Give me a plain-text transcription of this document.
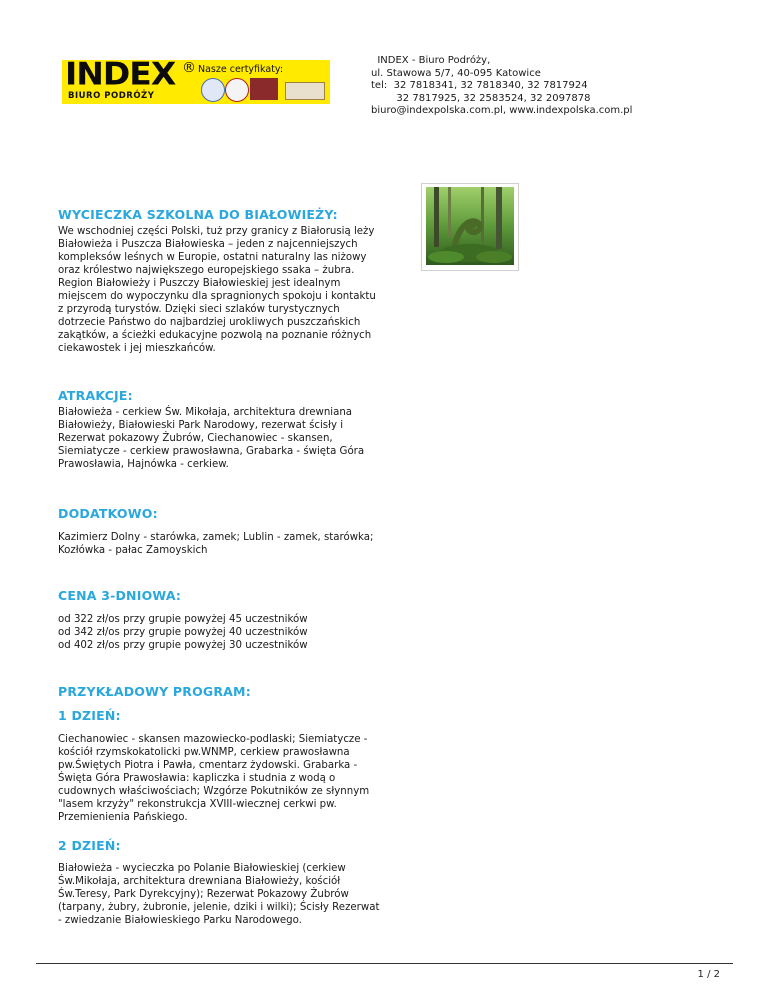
INDEX
BIURO PODRÓŻY
® Nasze certyfikaty:
INDEX - Biuro Podróży,
ul. Stawowa 5/7, 40-095 Katowice
tel:  32 7818341, 32 7818340, 32 7817924
32 7817925, 32 2583524, 32 2097878
biuro@indexpolska.com.pl, www.indexpolska.com.pl
WYCIECZKA SZKOLNA DO BIAŁOWIEŻY:
We wschodniej części Polski, tuż przy granicy z Białorusią leży
Białowieża i Puszcza Białowieska – jeden z najcenniejszych
kompleksów leśnych w Europie, ostatni naturalny las niżowy
oraz królestwo największego europejskiego ssaka – żubra.
Region Białowieży i Puszczy Białowieskiej jest idealnym
miejscem do wypoczynku dla spragnionych spokoju i kontaktu
z przyrodą turystów. Dzięki sieci szlaków turystycznych
dotrzecie Państwo do najbardziej urokliwych puszczańskich
zakątków, a ścieżki edukacyjne pozwolą na poznanie różnych
ciekawostek i jej mieszkańców.
ATRAKCJE:
Białowieża - cerkiew Św. Mikołaja, architektura drewniana
Białowieży, Białowieski Park Narodowy, rezerwat ścisły i
Rezerwat pokazowy Żubrów, Ciechanowiec - skansen,
Siemiatycze - cerkiew prawosławna, Grabarka - święta Góra
Prawosławia, Hajnówka - cerkiew.
DODATKOWO:
Kazimierz Dolny - starówka, zamek; Lublin - zamek, starówka;
Kozłówka - pałac Zamoyskich
CENA 3-DNIOWA:
od 322 zł/os przy grupie powyżej 45 uczestników
od 342 zł/os przy grupie powyżej 40 uczestników
od 402 zł/os przy grupie powyżej 30 uczestników
PRZYKŁADOWY PROGRAM:
1 DZIEŃ:
Ciechanowiec - skansen mazowiecko-podlaski; Siemiatycze -
kościół rzymskokatolicki pw.WNMP, cerkiew prawosławna
pw.Świętych Piotra i Pawła, cmentarz żydowski. Grabarka -
Święta Góra Prawosławia: kapliczka i studnia z wodą o
cudownych właściwościach; Wzgórze Pokutników ze słynnym
"lasem krzyży" rekonstrukcja XVIII-wiecznej cerkwi pw.
Przemienienia Pańskiego.
2 DZIEŃ:
Białowieża - wycieczka po Polanie Białowieskiej (cerkiew
Św.Mikołaja, architektura drewniana Białowieży, kościół
Św.Teresy, Park Dyrekcyjny); Rezerwat Pokazowy Żubrów
(tarpany, żubry, żubronie, jelenie, dziki i wilki); Ścisły Rezerwat
- zwiedzanie Białowieskiego Parku Narodowego.
1 / 2
